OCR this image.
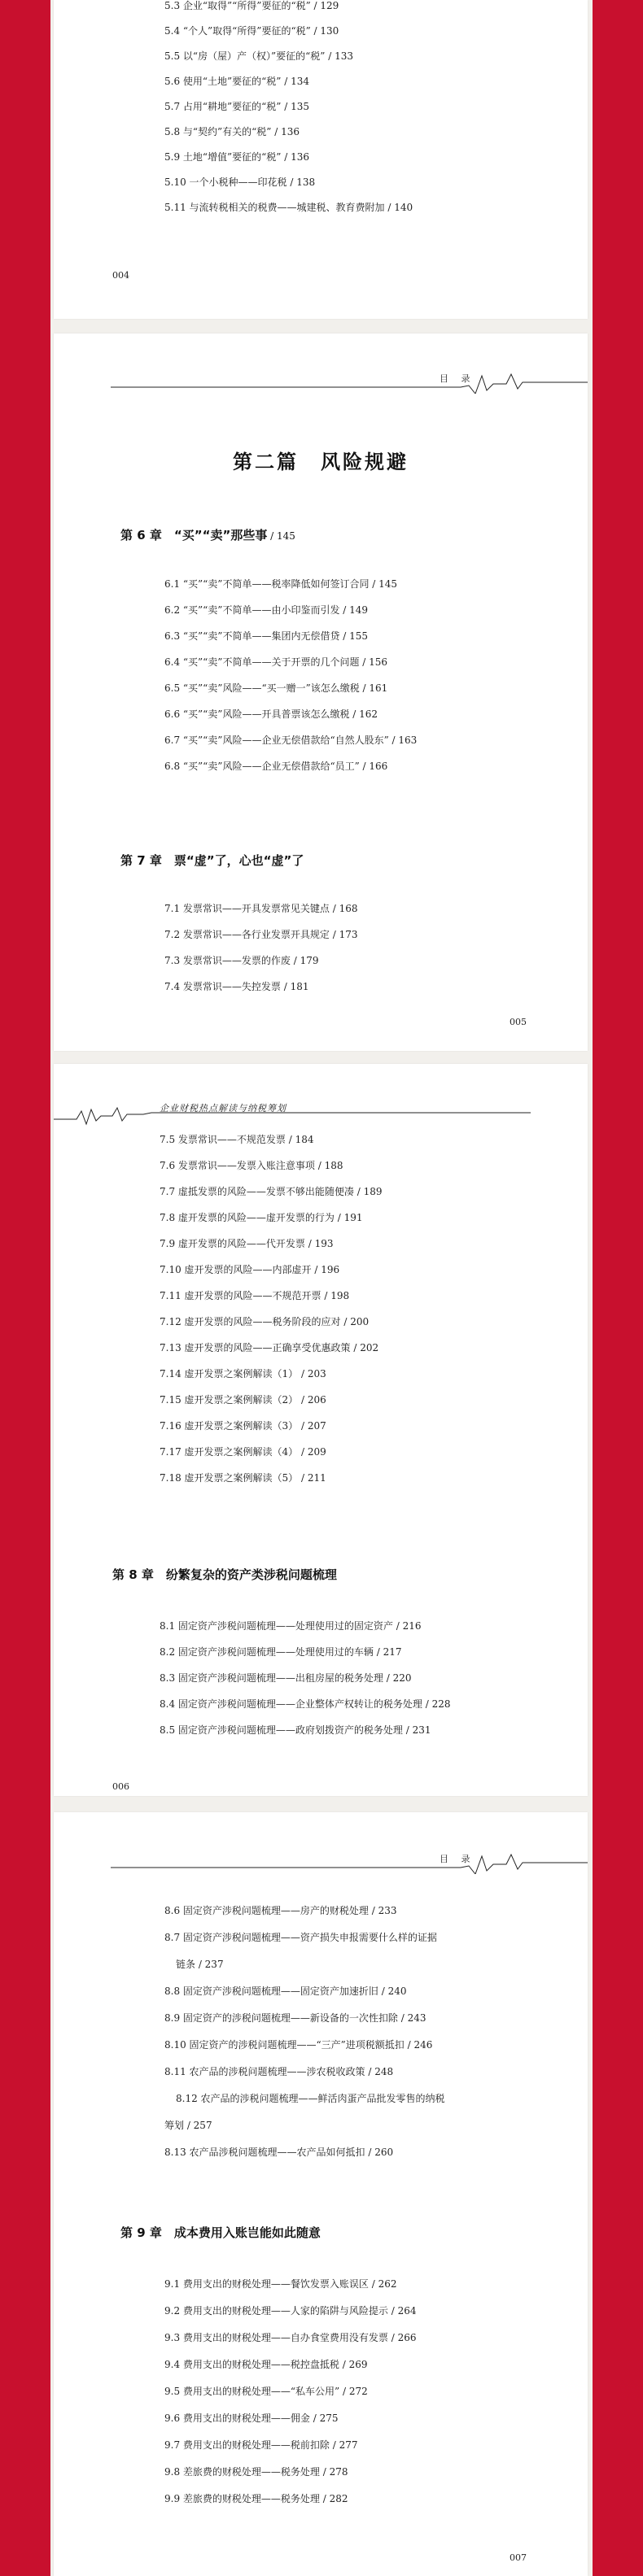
5.3 企业“取得”“所得”要征的“税” / 129
5.4 “个人”取得“所得”要征的“税” / 130
5.5 以“房（屋）产（权）”要征的“税” / 133
5.6 使用“土地”要征的“税” / 134
5.7 占用“耕地”要征的“税” / 135
5.8 与“契约”有关的“税” / 136
5.9 土地“增值”要征的“税” / 136
5.10 一个小税种——印花税 / 138
5.11 与流转税相关的税费——城建税、教育费附加 / 140
004
目 录
第二篇　风险规避
第 6 章　“买”“卖”那些事 / 145
6.1 “买”“卖”不简单——税率降低如何签订合同 / 145
6.2 “买”“卖”不简单——由小印鉴而引发 / 149
6.3 “买”“卖”不简单——集团内无偿借贷 / 155
6.4 “买”“卖”不简单——关于开票的几个问题 / 156
6.5 “买”“卖”风险——“买一赠一”该怎么缴税 / 161
6.6 “买”“卖”风险——开具普票该怎么缴税 / 162
6.7 “买”“卖”风险——企业无偿借款给“自然人股东” / 163
6.8 “买”“卖”风险——企业无偿借款给“员工” / 166
第 7 章　票“虚”了，心也“虚”了
7.1 发票常识——开具发票常见关键点 / 168
7.2 发票常识——各行业发票开具规定 / 173
7.3 发票常识——发票的作废 / 179
7.4 发票常识——失控发票 / 181
005
企业财税热点解读与纳税筹划
7.5 发票常识——不规范发票 / 184
7.6 发票常识——发票入账注意事项 / 188
7.7 虚抵发票的风险——发票不够出能随便凑 / 189
7.8 虚开发票的风险——虚开发票的行为 / 191
7.9 虚开发票的风险——代开发票 / 193
7.10 虚开发票的风险——内部虚开 / 196
7.11 虚开发票的风险——不规范开票 / 198
7.12 虚开发票的风险——税务阶段的应对 / 200
7.13 虚开发票的风险——正确享受优惠政策 / 202
7.14 虚开发票之案例解读（1） / 203
7.15 虚开发票之案例解读（2） / 206
7.16 虚开发票之案例解读（3） / 207
7.17 虚开发票之案例解读（4） / 209
7.18 虚开发票之案例解读（5） / 211
第 8 章　纷繁复杂的资产类涉税问题梳理
8.1 固定资产涉税问题梳理——处理使用过的固定资产 / 216
8.2 固定资产涉税问题梳理——处理使用过的车辆 / 217
8.3 固定资产涉税问题梳理——出租房屋的税务处理 / 220
8.4 固定资产涉税问题梳理——企业整体产权转让的税务处理 / 228
8.5 固定资产涉税问题梳理——政府划拨资产的税务处理 / 231
006
目 录
8.6 固定资产涉税问题梳理——房产的财税处理 / 233
8.7 固定资产涉税问题梳理——资产损失申报需要什么样的证据
链条 / 237
8.8 固定资产涉税问题梳理——固定资产加速折旧 / 240
8.9 固定资产的涉税问题梳理——新设备的一次性扣除 / 243
8.10 固定资产的涉税问题梳理——“三产”进项税额抵扣 / 246
8.11 农产品的涉税问题梳理——涉农税收政策 / 248
8.12 农产品的涉税问题梳理——鲜活肉蛋产品批发零售的纳税
筹划 / 257
8.13 农产品涉税问题梳理——农产品如何抵扣 / 260
第 9 章　成本费用入账岂能如此随意
9.1 费用支出的财税处理——餐饮发票入账误区 / 262
9.2 费用支出的财税处理——人家的陷阱与风险提示 / 264
9.3 费用支出的财税处理——自办食堂费用没有发票 / 266
9.4 费用支出的财税处理——税控盘抵税 / 269
9.5 费用支出的财税处理——“私车公用” / 272
9.6 费用支出的财税处理——佣金 / 275
9.7 费用支出的财税处理——税前扣除 / 277
9.8 差旅费的财税处理——税务处理 / 278
9.9 差旅费的财税处理——税务处理 / 282
007
